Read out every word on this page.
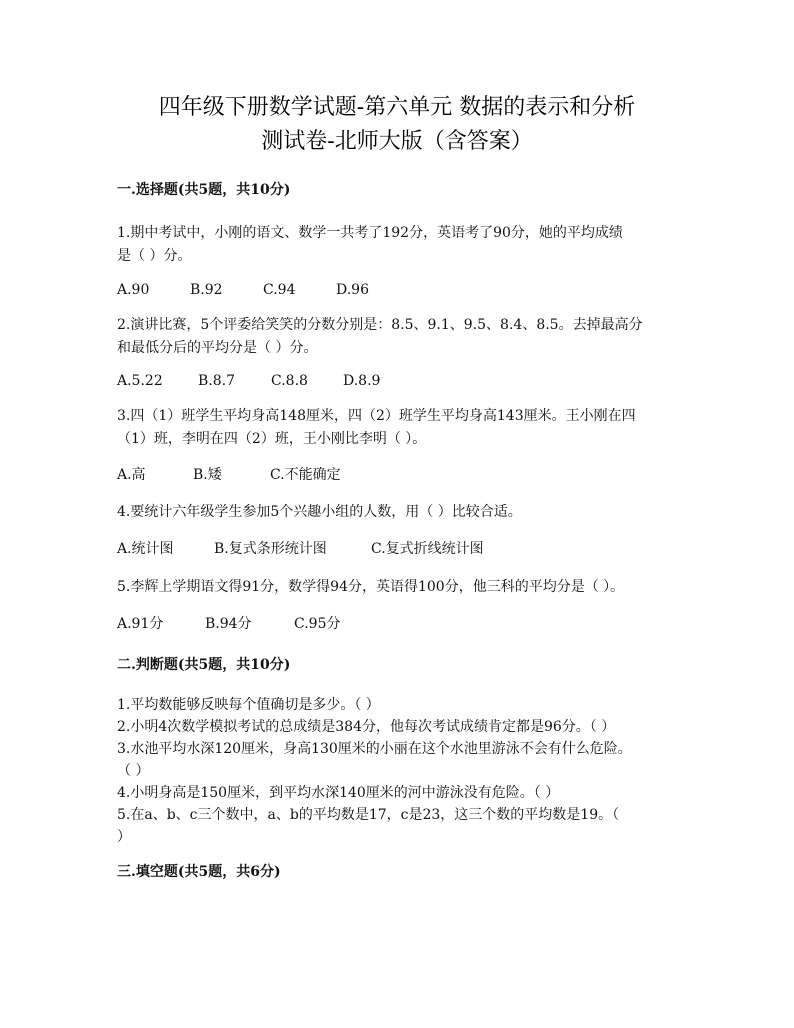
四年级下册数学试题-第六单元 数据的表示和分析
测试卷-北师大版（含答案）
一.选择题(共5题，共10分)
1.期中考试中，小刚的语文、数学一共考了192分，英语考了90分，她的平均成绩
是（ ）分。
A.90	B.92	C.94	D.96
2.演讲比赛，5个评委给笑笑的分数分别是：8.5、9.1、9.5、8.4、8.5。去掉最高分
和最低分后的平均分是（ ）分。
A.5.22	B.8.7	C.8.8	D.8.9
3.四（1）班学生平均身高148厘米，四（2）班学生平均身高143厘米。王小刚在四
（1）班，李明在四（2）班，王小刚比李明（ ）。
A.高	B.矮	C.不能确定
4.要统计六年级学生参加5个兴趣小组的人数，用（ ）比较合适。
A.统计图	B.复式条形统计图	C.复式折线统计图
5.李辉上学期语文得91分，数学得94分，英语得100分，他三科的平均分是（ ）。
A.91分	B.94分	C.95分
二.判断题(共5题，共10分)
1.平均数能够反映每个值确切是多少。（ ）
2.小明4次数学模拟考试的总成绩是384分，他每次考试成绩肯定都是96分。（ ）
3.水池平均水深120厘米，身高130厘米的小丽在这个水池里游泳不会有什么危险。
（ ）
4.小明身高是150厘米，到平均水深140厘米的河中游泳没有危险。（ ）
5.在a、b、c三个数中，a、b的平均数是17，c是23，这三个数的平均数是19。（
）
三.填空题(共5题，共6分)
